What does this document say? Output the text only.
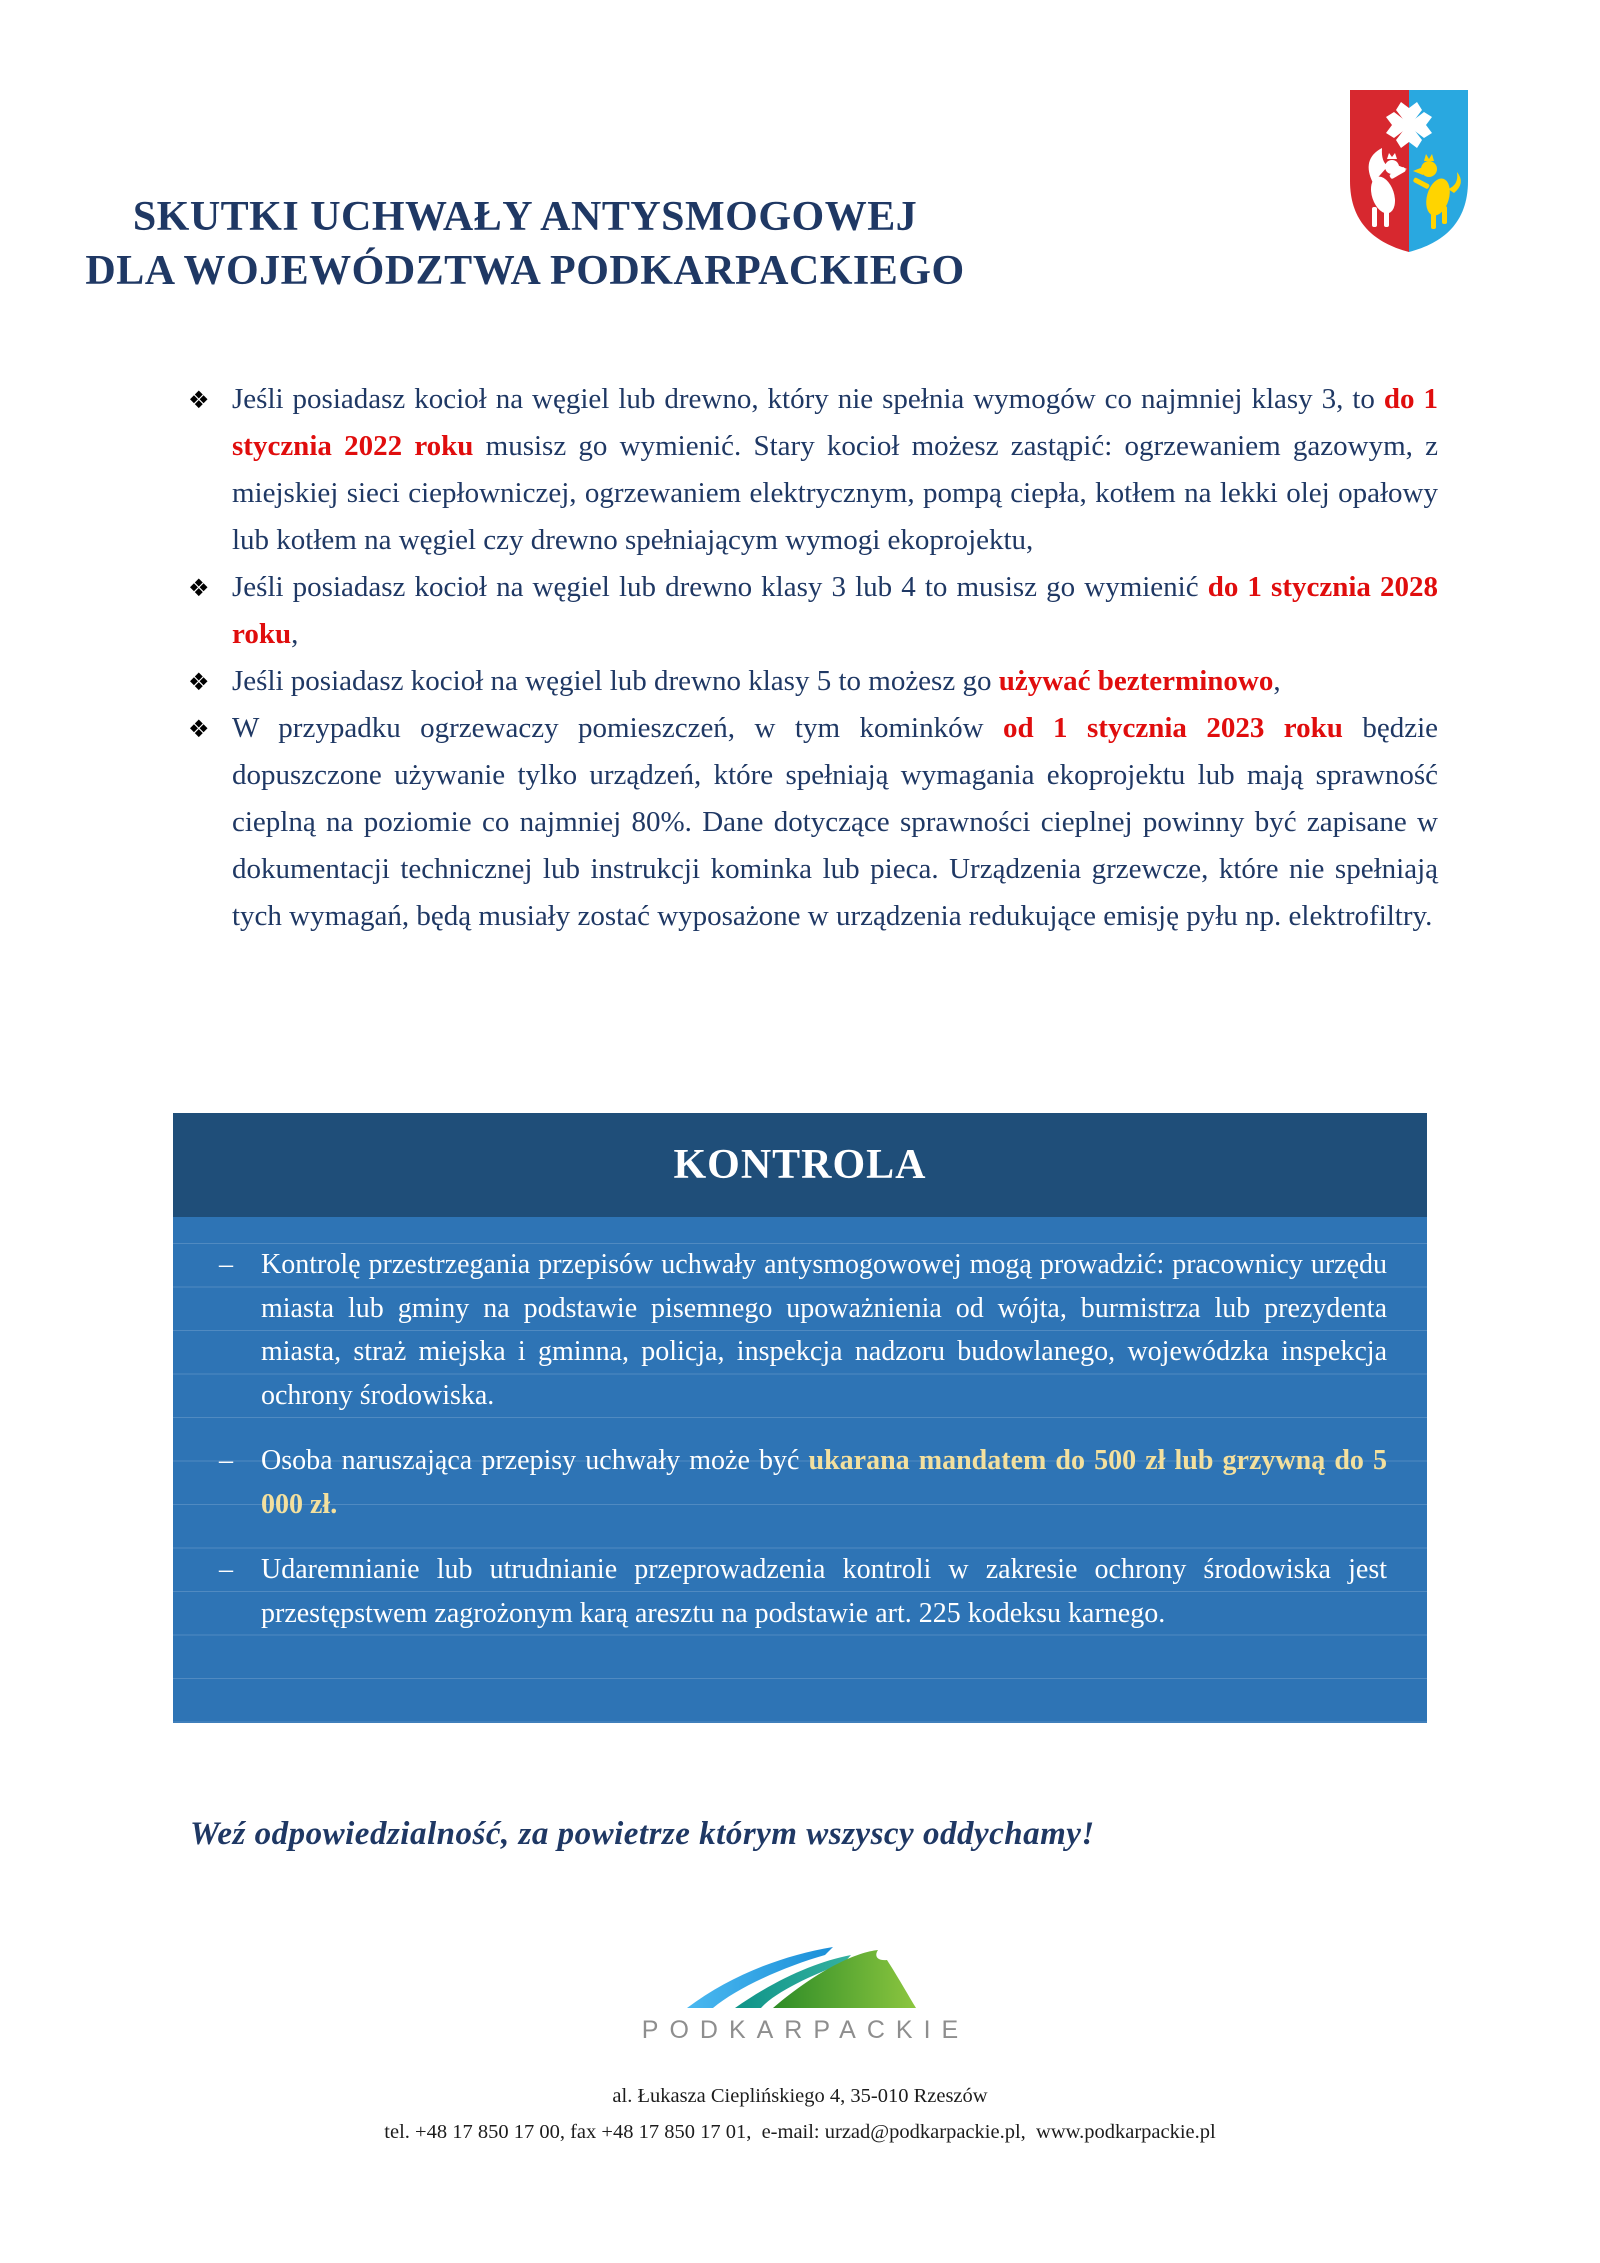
SKUTKI UCHWAŁY ANTYSMOGOWEJ
DLA WOJEWÓDZTWA PODKARPACKIEGO
❖ Jeśli posiadasz kocioł na węgiel lub drewno, który nie spełnia wymogów co najmniej klasy 3, to do 1 stycznia 2022 roku musisz go wymienić. Stary kocioł możesz zastąpić: ogrzewaniem gazowym, z miejskiej sieci ciepłowniczej, ogrzewaniem elektrycznym, pompą ciepła, kotłem na lekki olej opałowy lub kotłem na węgiel czy drewno spełniającym wymogi ekoprojektu,
❖ Jeśli posiadasz kocioł na węgiel lub drewno klasy 3 lub 4 to musisz go wymienić do 1 stycznia 2028 roku,
❖ Jeśli posiadasz kocioł na węgiel lub drewno klasy 5 to możesz go używać bezterminowo,
❖ W przypadku ogrzewaczy pomieszczeń, w tym kominków od 1 stycznia 2023 roku będzie dopuszczone używanie tylko urządzeń, które spełniają wymagania ekoprojektu lub mają sprawność cieplną na poziomie co najmniej 80%. Dane dotyczące sprawności cieplnej powinny być zapisane w dokumentacji technicznej lub instrukcji kominka lub pieca. Urządzenia grzewcze, które nie spełniają tych wymagań, będą musiały zostać wyposażone w urządzenia redukujące emisję pyłu np. elektrofiltry.
KONTROLA
– Kontrolę przestrzegania przepisów uchwały antysmogowowej mogą prowadzić: pracownicy urzędu miasta lub gminy na podstawie pisemnego upoważnienia od wójta, burmistrza lub prezydenta miasta, straż miejska i gminna, policja, inspekcja nadzoru budowlanego, wojewódzka inspekcja ochrony środowiska.
– Osoba naruszająca przepisy uchwały może być ukarana mandatem do 500 zł lub grzywną do 5 000 zł.
– Udaremnianie lub utrudnianie przeprowadzenia kontroli w zakresie ochrony środowiska jest przestępstwem zagrożonym karą aresztu na podstawie art. 225 kodeksu karnego.

Weź odpowiedzialność, za powietrze którym wszyscy oddychamy!

PODKARPACKIE
al. Łukasza Cieplińskiego 4, 35-010 Rzeszów
tel. +48 17 850 17 00, fax +48 17 850 17 01,  e-mail: urzad@podkarpackie.pl,  www.podkarpackie.pl
